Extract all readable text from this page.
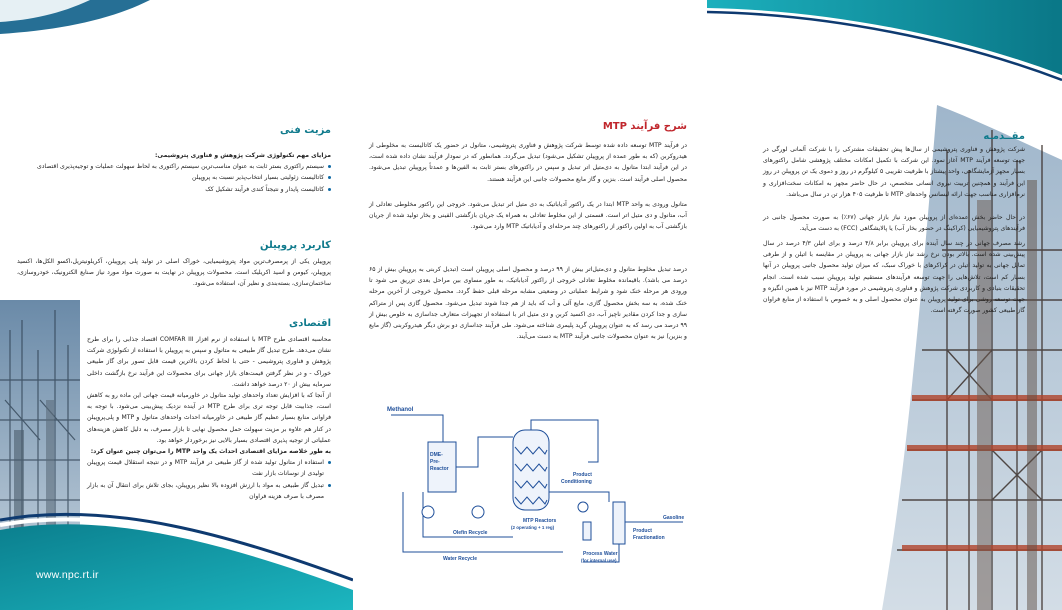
مزیت فنی

مزایای مهم تکنولوژی شرکت پژوهش و فناوری پتروشیمی:

سیستم راکتوری بستر ثابت به عنوان مناسب‌ترین سیستم راکتوری به لحاظ سهولت عملیات و توجیه‌پذیری اقتصادی
کاتالیست زئولیتی بسیار انتخاب‌پذیر نسبت به پروپیلن
کاتالیست پایدار و نتیجتاً کندی فرآیند تشکیل کک
کاربرد پروپیلن

پروپیلن یکی از پرمصرف‌ترین مواد پتروشیمیایی، خوراک اصلی در تولید پلی پروپیلن، آکریلونیتریل،اکسو الکل‌ها، اکسید پروپیلن، کیومن و اسید اکریلیک است. محصولات پروپیلن در نهایت به صورت مواد مورد نیاز صنایع الکترونیک، خودروسازی، ساختمان‌سازی، بسته‌بندی و نظیر آن، استفاده می‌شود.

اقتصادی

محاسبه اقتصادی طرح MTP با استفاده از نرم افزار COMFAR III اقتصاد جذابی را برای طرح نشان می‌دهد. طرح تبدیل گاز طبیعی به متانول و سپس به پروپیلن با استفاده از تکنولوژی شرکت پژوهش و فناوری پتروشیمی - حتی با لحاظ کردن بالاترین قیمت قابل تصور برای گاز طبیعی خوراک - و در نظر گرفتن قیمت‌های بازار جهانی برای محصولات این فرآیند نرخ بازگشت داخلی سرمایه بیش از ۲۰ درصد خواهد داشت.

از آنجا که با افزایش تعداد واحدهای تولید متانول در خاورمیانه قیمت جهانی این ماده رو به کاهش است، جذابیت قابل توجه تری برای طرح MTP در آینده نزدیک پیش‌بینی می‌شود. با توجه به فراوانی منابع بسیار عظیم گاز طبیعی در خاورمیانه احداث واحدهای متانول و MTP و پلی‌پروپیلن در کنار هم علاوه بر مزیت سهولت حمل محصول نهایی تا بازار مصرف، به دلیل کاهش هزینه‌های عملیاتی از توجیه پذیری اقتصادی بسیار بالایی نیز برخوردار خواهد بود.

به طور خلاصه مزایای اقتصادی احداث یک واحد MTP را می‌توان چنین عنوان کرد:

استفاده از متانول تولید شده از گاز طبیعی در فرآیند MTP و در نتیجه استقلال قیمت پروپیلن تولیدی از نوسانات بازار نفت
تبدیل گاز طبیعی به مواد با ارزش افزوده بالا نظیر پروپیلن، بجای تلاش برای انتقال آن به بازار مصرف با صرف هزینه فراوان
www.npc.rt.ir
شرح فرآیند MTP

در فرآیند MTP توسعه داده شده توسط شرکت پژوهش و فناوری پتروشیمی، متانول در حضور یک کاتالیست به مخلوطی از هیدروکربن (که به طور عمده از پروپیلن تشکیل می‌شود) تبدیل می‌گردد. همانطور که در نمودار فرآیند نشان داده شده است، در این فرآیند ابتدا متانول به دی‌متیل اتر تبدیل و سپس در راکتورهای بستر ثابت به الفین‌ها و عمدتاً پروپیلن تبدیل می‌شود. محصول اصلی فرآیند است. بنزین و گاز مایع محصولات جانبی این فرآیند هستند.

متانول ورودی به واحد MTP ابتدا در یک راکتور آدیاباتیک به دی متیل اتر تبدیل می‌شود. خروجی این راکتور مخلوطی تعادلی از آب، متانول و دی متیل اتر است. قسمتی از این مخلوط تعادلی به همراه یک جریان بازگشتی الفینی و بخار تولید شده از جریان بازگشتی آب به اولین راکتور از راکتورهای چند مرحله‌ای و آدیاباتیک MTP وارد می‌شود.

درصد تبدیل مخلوط متانول و دی‌متیل‌اتر بیش از ۹۹ درصد و محصول اصلی پروپیلن است (تبدیل کربنی به پروپیلن بیش از ۶۵ درصد می باشد). باقیمانده مخلوط تعادلی خروجی از راکتور آدیاباتیک، به طور مساوی بین مراحل بعدی تزریق می شود تا ورودی هر مرحله خنک شود و شرایط عملیاتی در وضعیتی مشابه مرحله قبلی حفظ گردد. محصول خروجی از آخرین مرحله خنک شده، به سه بخش محصول گازی، مایع آلی و آب که باید از هم جدا شوند تبدیل می‌شود. محصول گازی پس از متراکم سازی و جدا کردن مقادیر ناچیز آب، دی اکسید کربن و دی متیل اتر با استفاده از تجهیزات متعارف جداسازی به خلوص بیش از ۹۹ درصد می رسد که به عنوان پروپیلن گرید پلیمری شناخته می‌شود. طی فرآیند جداسازی دو برش دیگر هیدروکربنی (گاز مایع و بنزین) نیز به عنوان محصولات جانبی فرآیند MTP به دست می‌آیند.

Methanol
DME-
Pre-
Reactor
Product
Conditioning
MTP Reactors
(2 operating + 1 reg)
Gasoline
Product
Fractionation
Olefin Recycle
Water Recycle
Process Water
(for internal use)
مقــدمـه

شرکت پژوهش و فناوری پتروشیمی از سال‌ها پیش تحقیقات مشترکی را با شرکت آلمانی لورگی در جهت توسعه فرآیند MTP آغاز نمود. این شرکت با تکمیل امکانات مختلف پژوهشی شامل راکتورهای بسیار مجهز آزمایشگاهی، واحد پیشتاز با ظرفیت تقریبی ۵ کیلوگرم در روز و دموی یک تن پروپیلن در روز این فرآیند و همچنین تربیت نیروی انسانی متخصص، در حال حاضر مجهز به امکانات سخت‌افزاری و نرم‌افزاری مناسب جهت ارائه لیسانس واحدهای MTP تا ظرفیت ۴۰۵ هزار تن در سال می‌باشد.

در حال حاضر بخش عمده‌ای از پروپیلن مورد نیاز بازار جهانی (۶۷٪) به صورت محصول جانبی در فرآیندهای پتروشیمیایی (کراکینگ در حضور بخار آب) یا پالایشگاهی (FCC) به دست می‌آید.

رشد مصرف جهانی در چند سال آینده برای پروپیلن برابر ۴/۸ درصد و برای اتیلن ۴/۳ درصد در سال پیش‌بینی شده است. بالاتر بودن نرخ رشد نیاز بازار جهانی به پروپیلن در مقایسه با اتیلن و از طرفی تمایل جهانی به تولید اتیلن در کراکرهای با خوراک سبک، که میزان تولید محصول جانبی پروپیلن در آنها بسیار کم است، تلاش‌هایی را جهت توسعه فرآیندهای مستقیم تولید پروپیلن سبب شده است. انجام تحقیقات بنیادی و کاربردی شرکت پژوهش و فناوری پتروشیمی در مورد فرآیند MTP نیز با همین انگیزه و جهت توسعه روشی برای تولید پروپیلن به عنوان محصول اصلی و به خصوص با استفاده از منابع فراوان گاز طبیعی کشور صورت گرفته است.
